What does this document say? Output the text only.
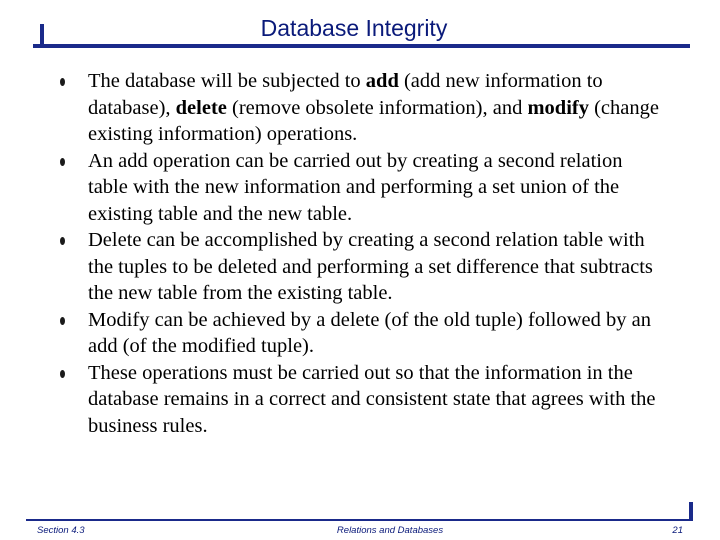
Database Integrity
The database will be subjected to add (add new information to database), delete (remove obsolete information), and modify (change existing information) operations.
An add operation can be carried out by creating a second relation table with the new information and performing a set union of the existing table and the new table.
Delete can be accomplished by creating a second relation table with the tuples to be deleted and performing a set difference that subtracts the new table from the existing table.
Modify can be achieved by a delete (of the old tuple) followed by an add (of the modified tuple).
These operations must be carried out so that the information in the database remains in a correct and consistent state that agrees with the business rules.
Section 4.3	Relations and Databases	21
